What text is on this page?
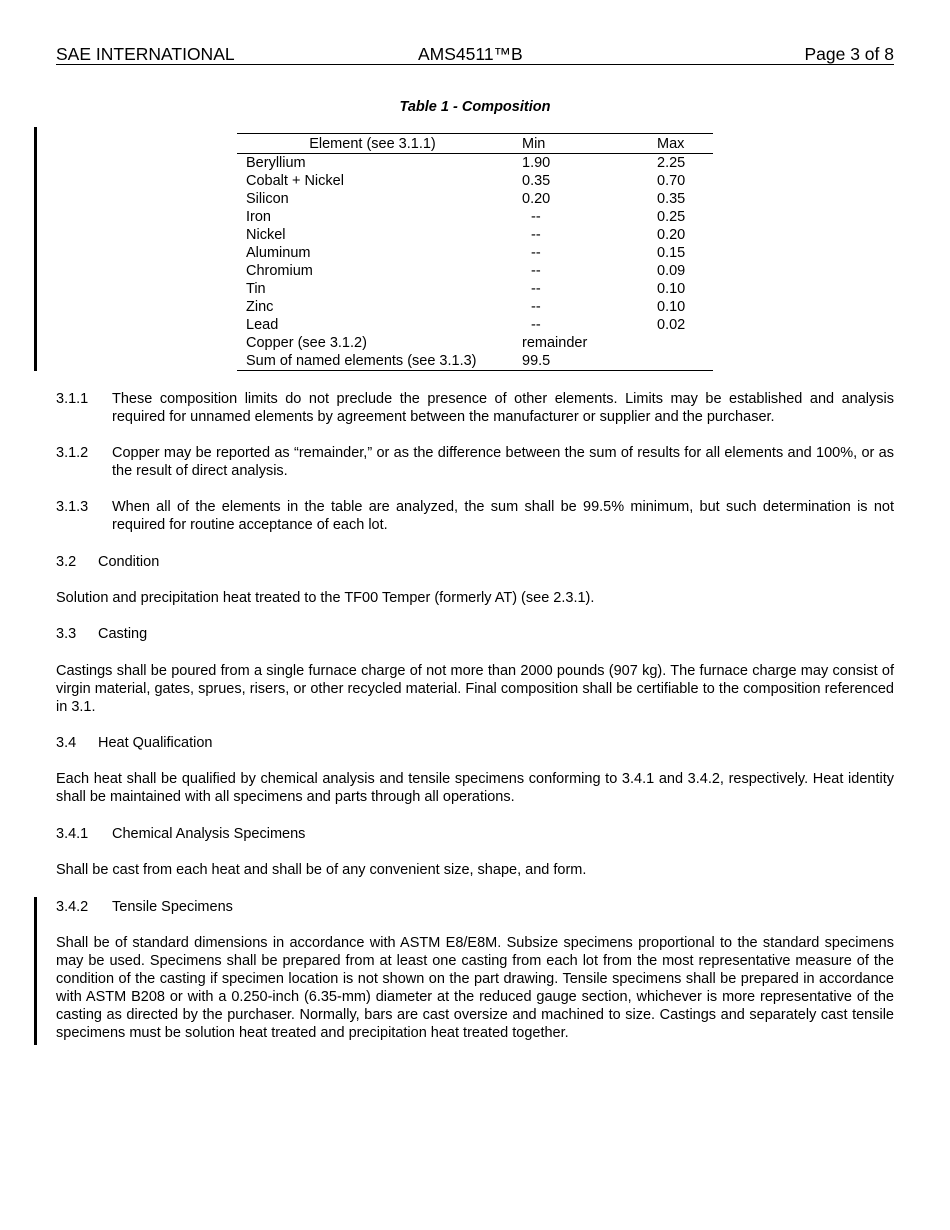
SAE INTERNATIONAL	AMS4511™B	Page 3 of 8
Table 1 - Composition
Element (see 3.1.1)	Min	Max
Beryllium	1.90	2.25
Cobalt + Nickel	0.35	0.70
Silicon	0.20	0.35
Iron	--	0.25
Nickel	--	0.20
Aluminum	--	0.15
Chromium	--	0.09
Tin	--	0.10
Zinc	--	0.10
Lead	--	0.02
Copper (see 3.1.2)	remainder	
Sum of named elements (see 3.1.3)	99.5	
3.1.1 These composition limits do not preclude the presence of other elements. Limits may be established and analysis required for unnamed elements by agreement between the manufacturer or supplier and the purchaser.
3.1.2 Copper may be reported as “remainder,” or as the difference between the sum of results for all elements and 100%, or as the result of direct analysis.
3.1.3 When all of the elements in the table are analyzed, the sum shall be 99.5% minimum, but such determination is not required for routine acceptance of each lot.
3.2 Condition
Solution and precipitation heat treated to the TF00 Temper (formerly AT) (see 2.3.1).
3.3 Casting
Castings shall be poured from a single furnace charge of not more than 2000 pounds (907 kg). The furnace charge may consist of virgin material, gates, sprues, risers, or other recycled material. Final composition shall be certifiable to the composition referenced in 3.1.
3.4 Heat Qualification
Each heat shall be qualified by chemical analysis and tensile specimens conforming to 3.4.1 and 3.4.2, respectively. Heat identity shall be maintained with all specimens and parts through all operations.
3.4.1 Chemical Analysis Specimens
Shall be cast from each heat and shall be of any convenient size, shape, and form.
3.4.2 Tensile Specimens
Shall be of standard dimensions in accordance with ASTM E8/E8M. Subsize specimens proportional to the standard specimens may be used. Specimens shall be prepared from at least one casting from each lot from the most representative measure of the condition of the casting if specimen location is not shown on the part drawing. Tensile specimens shall be prepared in accordance with ASTM B208 or with a 0.250-inch (6.35-mm) diameter at the reduced gauge section, whichever is more representative of the casting as directed by the purchaser. Normally, bars are cast oversize and machined to size. Castings and separately cast tensile specimens must be solution heat treated and precipitation heat treated together.
